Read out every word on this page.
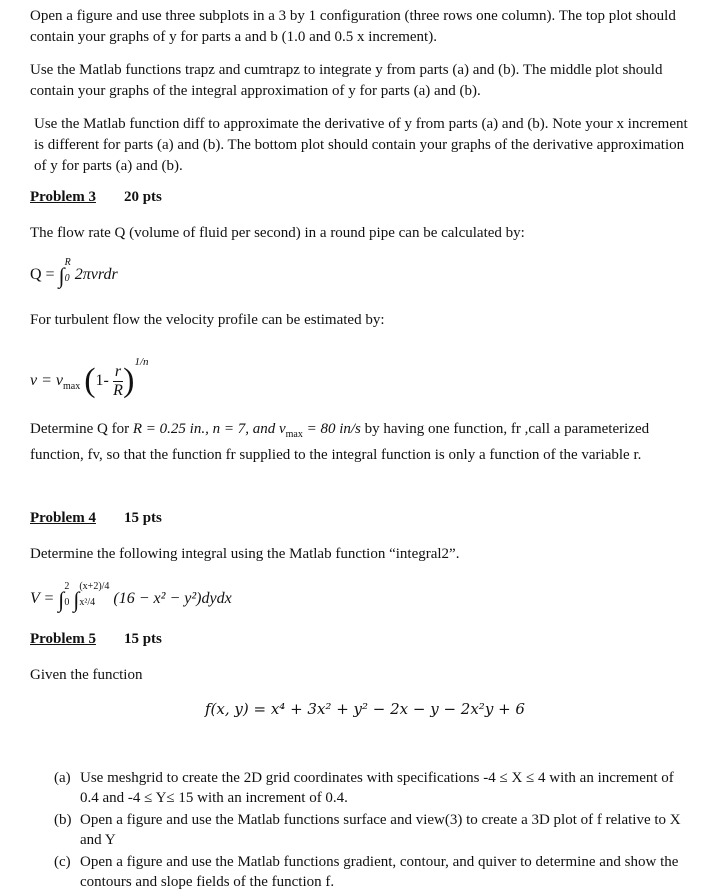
Open a figure and use three subplots in a 3 by 1 configuration (three rows one column). The top plot should contain your graphs of y for parts a and b (1.0 and 0.5 x increment).

Use the Matlab functions trapz and cumtrapz to integrate y from parts (a) and (b). The middle plot should contain your graphs of the integral approximation of y for parts (a) and (b).

Use the Matlab function diff to approximate the derivative of y from parts (a) and (b). Note your x increment is different for parts (a) and (b). The bottom plot should contain your graphs of the derivative approximation of y for parts (a) and (b).

Problem 3 20 pts

The flow rate Q (volume of fluid per second) in a round pipe can be calculated by:

Q = ∫
R
0 2πvrdr

For turbulent flow the velocity profile can be estimated by:

v = v max ( 1-
r
R ) 1/n

Determine Q for R = 0.25 in., n = 7, and $v_{max} = 80$ in/s by having one function, fr ,call a parameterized function, fv, so that the function fr supplied to the integral function is only a function of the variable r.

Problem 4 15 pts

Determine the following integral using the Matlab function “integral2”.

V = ∫
2
0 ∫
(x+2)/4
x²/4	(16 − x² − y²)dydx
Problem 5 15 pts

Given the function

f(x, y) = x⁴ + 3x² + y² − 2x − y − 2x²y + 6
(a) Use meshgrid to create the 2D grid coordinates with specifications -4 ≤ X ≤ 4 with an increment of 0.4 and -4 ≤ Y≤ 15 with an increment of 0.4.
(b) Open a figure and use the Matlab functions surface and view(3) to create a 3D plot of f relative to X and Y
(c) Open a figure and use the Matlab functions gradient, contour, and quiver to determine and show the contours and slope fields of the function f.
